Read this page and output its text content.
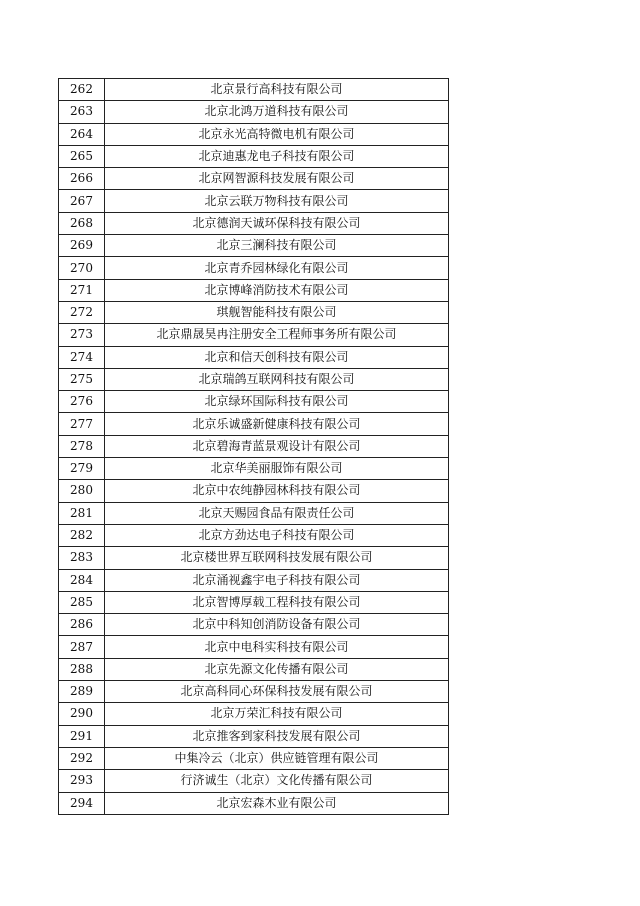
262	北京景行高科技有限公司
263	北京北鸿万道科技有限公司
264	北京永光高特微电机有限公司
265	北京迪惠龙电子科技有限公司
266	北京网智源科技发展有限公司
267	北京云联万物科技有限公司
268	北京德润天诚环保科技有限公司
269	北京三澜科技有限公司
270	北京青乔园林绿化有限公司
271	北京博峰消防技术有限公司
272	琪舰智能科技有限公司
273	北京鼎晟昊冉注册安全工程师事务所有限公司
274	北京和信天创科技有限公司
275	北京瑞鸽互联网科技有限公司
276	北京绿环国际科技有限公司
277	北京乐诚盛新健康科技有限公司
278	北京碧海青蓝景观设计有限公司
279	北京华美丽服饰有限公司
280	北京中农纯静园林科技有限公司
281	北京天赐园食品有限责任公司
282	北京方劲达电子科技有限公司
283	北京楼世界互联网科技发展有限公司
284	北京涌视鑫宇电子科技有限公司
285	北京智博厚载工程科技有限公司
286	北京中科知创消防设备有限公司
287	北京中电科实科技有限公司
288	北京先源文化传播有限公司
289	北京高科同心环保科技发展有限公司
290	北京万荣汇科技有限公司
291	北京推客到家科技发展有限公司
292	中集冷云（北京）供应链管理有限公司
293	行济诚生（北京）文化传播有限公司
294	北京宏森木业有限公司
